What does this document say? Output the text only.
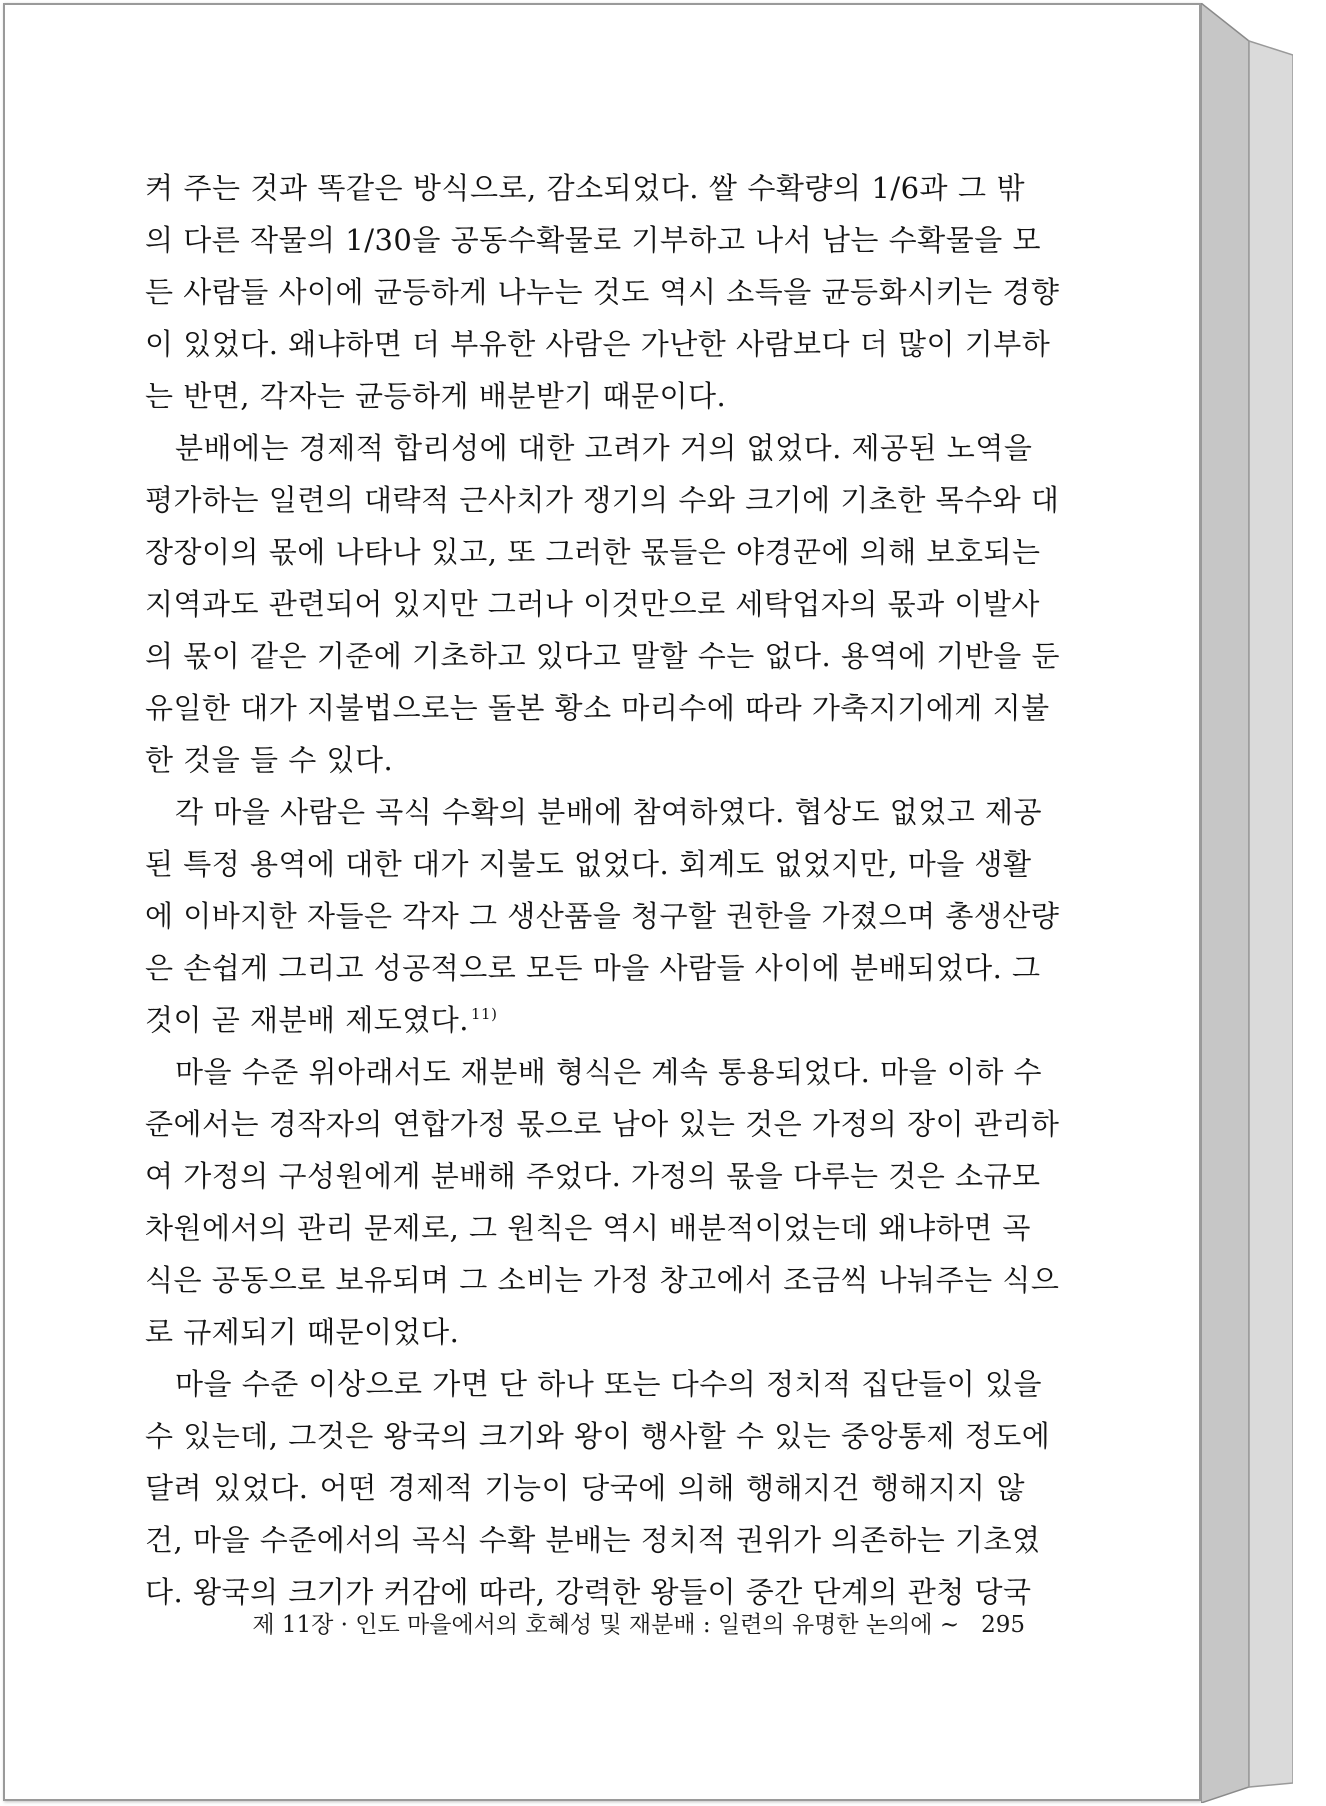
켜 주는 것과 똑같은 방식으로, 감소되었다. 쌀 수확량의 1/6과 그 밖
의 다른 작물의 1/30을 공동수확물로 기부하고 나서 남는 수확물을 모
든 사람들 사이에 균등하게 나누는 것도 역시 소득을 균등화시키는 경향
이 있었다. 왜냐하면 더 부유한 사람은 가난한 사람보다 더 많이 기부하
는 반면, 각자는 균등하게 배분받기 때문이다.
분배에는 경제적 합리성에 대한 고려가 거의 없었다. 제공된 노역을
평가하는 일련의 대략적 근사치가 쟁기의 수와 크기에 기초한 목수와 대
장장이의 몫에 나타나 있고, 또 그러한 몫들은 야경꾼에 의해 보호되는
지역과도 관련되어 있지만 그러나 이것만으로 세탁업자의 몫과 이발사
의 몫이 같은 기준에 기초하고 있다고 말할 수는 없다. 용역에 기반을 둔
유일한 대가 지불법으로는 돌본 황소 마리수에 따라 가축지기에게 지불
한 것을 들 수 있다.
각 마을 사람은 곡식 수확의 분배에 참여하였다. 협상도 없었고 제공
된 특정 용역에 대한 대가 지불도 없었다. 회계도 없었지만, 마을 생활
에 이바지한 자들은 각자 그 생산품을 청구할 권한을 가졌으며 총생산량
은 손쉽게 그리고 성공적으로 모든 마을 사람들 사이에 분배되었다. 그
것이 곧 재분배 제도였다. $^{11)}$
마을 수준 위아래서도 재분배 형식은 계속 통용되었다. 마을 이하 수
준에서는 경작자의 연합가정 몫으로 남아 있는 것은 가정의 장이 관리하
여 가정의 구성원에게 분배해 주었다. 가정의 몫을 다루는 것은 소규모
차원에서의 관리 문제로, 그 원칙은 역시 배분적이었는데 왜냐하면 곡
식은 공동으로 보유되며 그 소비는 가정 창고에서 조금씩 나눠주는 식으
로 규제되기 때문이었다.
마을 수준 이상으로 가면 단 하나 또는 다수의 정치적 집단들이 있을
수 있는데, 그것은 왕국의 크기와 왕이 행사할 수 있는 중앙통제 정도에
달려 있었다. 어떤 경제적 기능이 당국에 의해 행해지건 행해지지 않
건, 마을 수준에서의 곡식 수확 분배는 정치적 권위가 의존하는 기초였
다. 왕국의 크기가 커감에 따라, 강력한 왕들이 중간 단계의 관청 당국
제 11장 · 인도 마을에서의 호혜성 및 재분배 : 일련의 유명한 논의에 ~ 295
